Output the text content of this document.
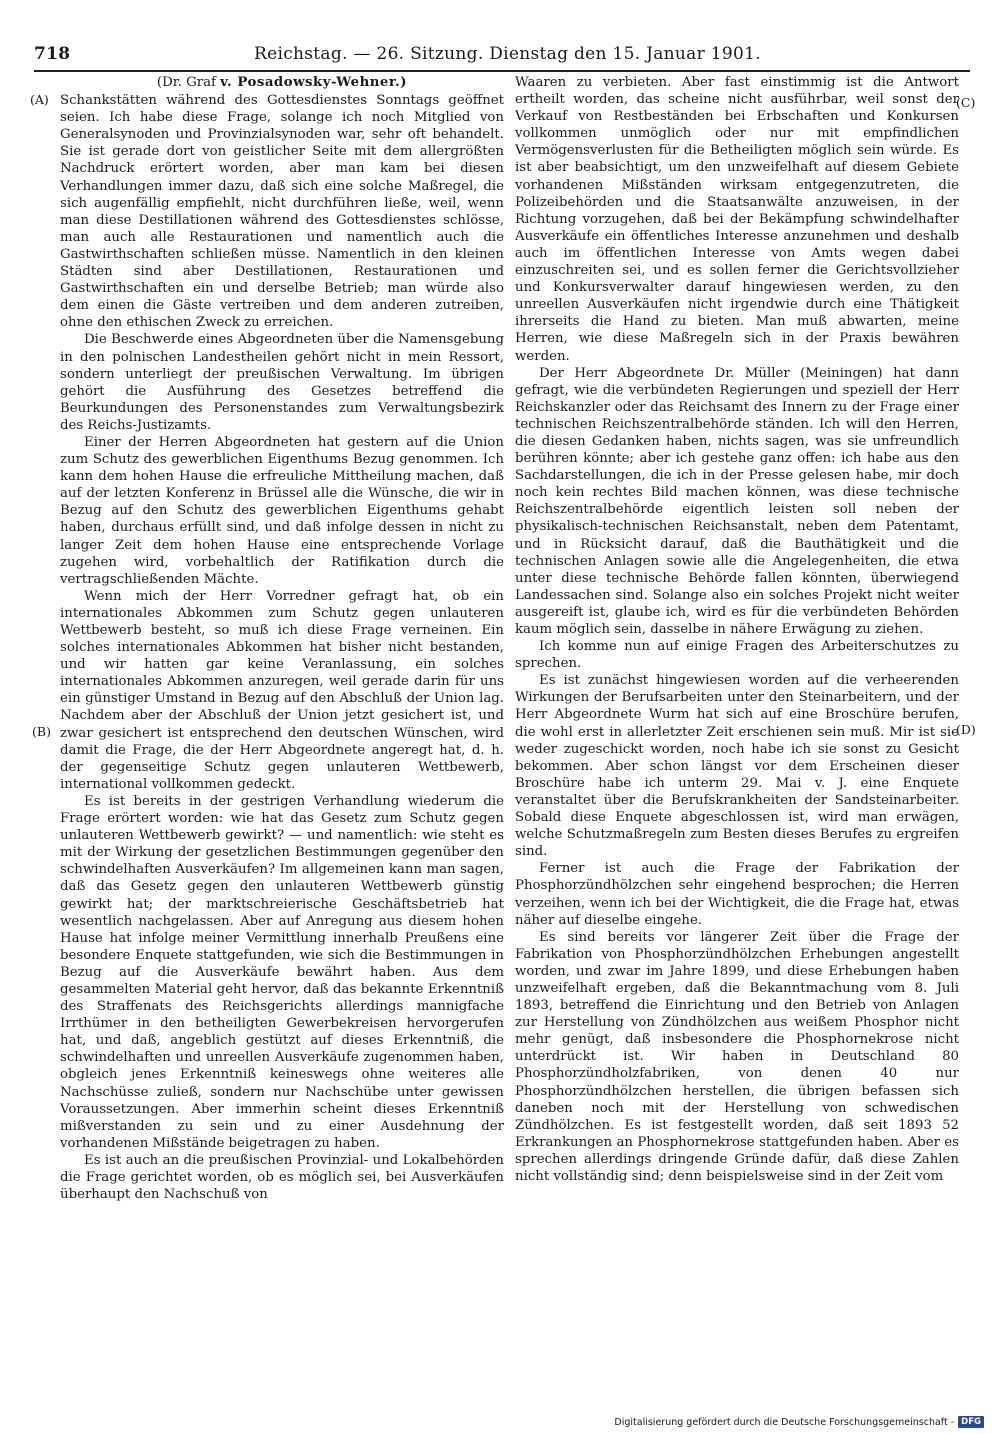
718	Reichstag. — 26. Sitzung. Dienstag den 15. Januar 1901.
(A)
(B)
(C)
(D)
(Dr. Graf v. Posadowsky-Wehner.)

Schankstätten während des Gottesdienstes Sonntags geöffnet seien. Ich habe diese Frage, solange ich noch Mitglied von Generalsynoden und Provinzialsynoden war, sehr oft behandelt. Sie ist gerade dort von geistlicher Seite mit dem allergrößten Nachdruck erörtert worden, aber man kam bei diesen Verhandlungen immer dazu, daß sich eine solche Maßregel, die sich augenfällig empfiehlt, nicht durchführen ließe, weil, wenn man diese Destillationen während des Gottesdienstes schlösse, man auch alle Restaurationen und namentlich auch die Gastwirthschaften schließen müsse. Namentlich in den kleinen Städten sind aber Destillationen, Restaurationen und Gastwirthschaften ein und derselbe Betrieb; man würde also dem einen die Gäste vertreiben und dem anderen zutreiben, ohne den ethischen Zweck zu erreichen.

Die Beschwerde eines Abgeordneten über die Namensgebung in den polnischen Landestheilen gehört nicht in mein Ressort, sondern unterliegt der preußischen Verwaltung. Im übrigen gehört die Ausführung des Gesetzes betreffend die Beurkundungen des Personenstandes zum Verwaltungsbezirk des Reichs-Justizamts.

Einer der Herren Abgeordneten hat gestern auf die Union zum Schutz des gewerblichen Eigenthums Bezug genommen. Ich kann dem hohen Hause die erfreuliche Mittheilung machen, daß auf der letzten Konferenz in Brüssel alle die Wünsche, die wir in Bezug auf den Schutz des gewerblichen Eigenthums gehabt haben, durchaus erfüllt sind, und daß infolge dessen in nicht zu langer Zeit dem hohen Hause eine entsprechende Vorlage zugehen wird, vorbehaltlich der Ratifikation durch die vertragschließenden Mächte.

Wenn mich der Herr Vorredner gefragt hat, ob ein internationales Abkommen zum Schutz gegen unlauteren Wettbewerb besteht, so muß ich diese Frage verneinen. Ein solches internationales Abkommen hat bisher nicht bestanden, und wir hatten gar keine Veranlassung, ein solches internationales Abkommen anzuregen, weil gerade darin für uns ein günstiger Umstand in Bezug auf den Abschluß der Union lag. Nachdem aber der Abschluß der Union jetzt gesichert ist, und zwar gesichert ist entsprechend den deutschen Wünschen, wird damit die Frage, die der Herr Abgeordnete angeregt hat, d. h. der gegenseitige Schutz gegen unlauteren Wettbewerb, international vollkommen gedeckt.

Es ist bereits in der gestrigen Verhandlung wiederum die Frage erörtert worden: wie hat das Gesetz zum Schutz gegen unlauteren Wettbewerb gewirkt? — und namentlich: wie steht es mit der Wirkung der gesetzlichen Bestimmungen gegenüber den schwindelhaften Ausverkäufen? Im allgemeinen kann man sagen, daß das Gesetz gegen den unlauteren Wettbewerb günstig gewirkt hat; der marktschreierische Geschäftsbetrieb hat wesentlich nachgelassen. Aber auf Anregung aus diesem hohen Hause hat infolge meiner Vermittlung innerhalb Preußens eine besondere Enquete stattgefunden, wie sich die Bestimmungen in Bezug auf die Ausverkäufe bewährt haben. Aus dem gesammelten Material geht hervor, daß das bekannte Erkenntniß des Straffenats des Reichsgerichts allerdings mannigfache Irrthümer in den betheiligten Gewerbekreisen hervorgerufen hat, und daß, angeblich gestützt auf dieses Erkenntniß, die schwindelhaften und unreellen Ausverkäufe zugenommen haben, obgleich jenes Erkenntniß keineswegs ohne weiteres alle Nachschüsse zuließ, sondern nur Nachschübe unter gewissen Voraussetzungen. Aber immerhin scheint dieses Erkenntniß mißverstanden zu sein und zu einer Ausdehnung der vorhandenen Mißstände beigetragen zu haben.

Es ist auch an die preußischen Provinzial- und Lokalbehörden die Frage gerichtet worden, ob es möglich sei, bei Ausverkäufen überhaupt den Nachschuß von

Waaren zu verbieten. Aber fast einstimmig ist die Antwort ertheilt worden, das scheine nicht ausführbar, weil sonst der Verkauf von Restbeständen bei Erbschaften und Konkursen vollkommen unmöglich oder nur mit empfindlichen Vermögensverlusten für die Betheiligten möglich sein würde. Es ist aber beabsichtigt, um den unzweifelhaft auf diesem Gebiete vorhandenen Mißständen wirksam entgegenzutreten, die Polizeibehörden und die Staatsanwälte anzuweisen, in der Richtung vorzugehen, daß bei der Bekämpfung schwindelhafter Ausverkäufe ein öffentliches Interesse anzunehmen und deshalb auch im öffentlichen Interesse von Amts wegen dabei einzuschreiten sei, und es sollen ferner die Gerichtsvollzieher und Konkursverwalter darauf hingewiesen werden, zu den unreellen Ausverkäufen nicht irgendwie durch eine Thätigkeit ihrerseits die Hand zu bieten. Man muß abwarten, meine Herren, wie diese Maßregeln sich in der Praxis bewähren werden.

Der Herr Abgeordnete Dr. Müller (Meiningen) hat dann gefragt, wie die verbündeten Regierungen und speziell der Herr Reichskanzler oder das Reichsamt des Innern zu der Frage einer technischen Reichszentralbehörde ständen. Ich will den Herren, die diesen Gedanken haben, nichts sagen, was sie unfreundlich berühren könnte; aber ich gestehe ganz offen: ich habe aus den Sachdarstellungen, die ich in der Presse gelesen habe, mir doch noch kein rechtes Bild machen können, was diese technische Reichszentralbehörde eigentlich leisten soll neben der physikalisch-technischen Reichsanstalt, neben dem Patentamt, und in Rücksicht darauf, daß die Bauthätigkeit und die technischen Anlagen sowie alle die Angelegenheiten, die etwa unter diese technische Behörde fallen könnten, überwiegend Landessachen sind. Solange also ein solches Projekt nicht weiter ausgereift ist, glaube ich, wird es für die verbündeten Behörden kaum möglich sein, dasselbe in nähere Erwägung zu ziehen.

Ich komme nun auf einige Fragen des Arbeiterschutzes zu sprechen.

Es ist zunächst hingewiesen worden auf die verheerenden Wirkungen der Berufsarbeiten unter den Steinarbeitern, und der Herr Abgeordnete Wurm hat sich auf eine Broschüre berufen, die wohl erst in allerletzter Zeit erschienen sein muß. Mir ist sie weder zugeschickt worden, noch habe ich sie sonst zu Gesicht bekommen. Aber schon längst vor dem Erscheinen dieser Broschüre habe ich unterm 29. Mai v. J. eine Enquete veranstaltet über die Berufskrankheiten der Sandsteinarbeiter. Sobald diese Enquete abgeschlossen ist, wird man erwägen, welche Schutzmaßregeln zum Besten dieses Berufes zu ergreifen sind.

Ferner ist auch die Frage der Fabrikation der Phosphorzündhölzchen sehr eingehend besprochen; die Herren verzeihen, wenn ich bei der Wichtigkeit, die die Frage hat, etwas näher auf dieselbe eingehe.

Es sind bereits vor längerer Zeit über die Frage der Fabrikation von Phosphorzündhölzchen Erhebungen angestellt worden, und zwar im Jahre 1899, und diese Erhebungen haben unzweifelhaft ergeben, daß die Bekanntmachung vom 8. Juli 1893, betreffend die Einrichtung und den Betrieb von Anlagen zur Herstellung von Zündhölzchen aus weißem Phosphor nicht mehr genügt, daß insbesondere die Phosphornekrose nicht unterdrückt ist. Wir haben in Deutschland 80 Phosphorzündholzfabriken, von denen 40 nur Phosphorzündhölzchen herstellen, die übrigen befassen sich daneben noch mit der Herstellung von schwedischen Zündhölzchen. Es ist festgestellt worden, daß seit 1893 52 Erkrankungen an Phosphornekrose stattgefunden haben. Aber es sprechen allerdings dringende Gründe dafür, daß diese Zahlen nicht vollständig sind; denn beispielsweise sind in der Zeit vom

Digitalisierung gefördert durch die Deutsche Forschungsgemeinschaft - DFG
